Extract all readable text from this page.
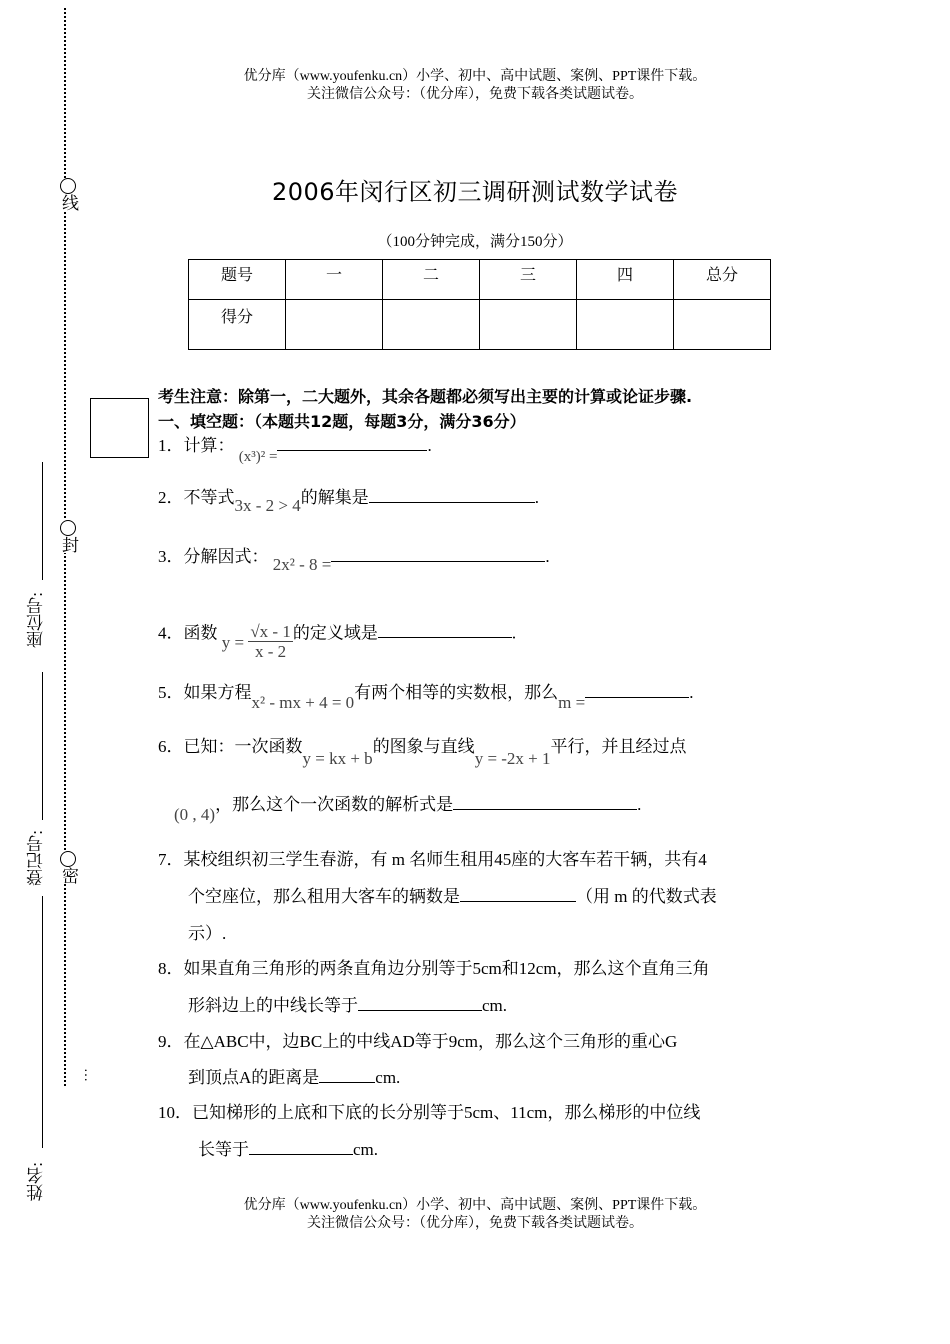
优分库（www.youfenku.cn）小学、初中、高中试题、案例、PPT课件下载。
关注微信公众号：（优分库），免费下载各类试题试卷。
线
封
密
…
座位号:
登记号:
姓名:
2006年闵行区初三调研测试数学试卷
（100分钟完成，满分150分）
题号	一	二	三	四	总分
得分					
考生注意：除第一，二大题外，其余各题都必须写出主要的计算或论证步骤.
一、填空题：（本题共12题，每题3分，满分36分）
1．计算： (x³)² =.
2．不等式3x - 2 > 4的解集是	.
3．分解因式： 2x² - 8 =	.
4．函数 $y = \frac{√x - 1}{x - 2}$ 的定义域是	.
5．如果方程x² - mx + 4 = 0有两个相等的实数根，那么m =.
6．已知：一次函数y = kx + b的图象与直线y = -2x + 1平行，并且经过点
(0 , 4)，那么这个一次函数的解析式是	.
7．某校组织初三学生春游，有 m 名师生租用45座的大客车若干辆，共有4
个空座位，那么租用大客车的辆数是	（用 m 的代数式表
示）.
8．如果直角三角形的两条直角边分别等于5cm和12cm，那么这个直角三角
形斜边上的中线长等于	cm.
9．在△ABC中，边BC上的中线AD等于9cm，那么这个三角形的重心G
到顶点A的距离是	cm.
10．已知梯形的上底和下底的长分别等于5cm、11cm，那么梯形的中位线
长等于	cm.
优分库（www.youfenku.cn）小学、初中、高中试题、案例、PPT课件下载。
关注微信公众号：（优分库），免费下载各类试题试卷。
